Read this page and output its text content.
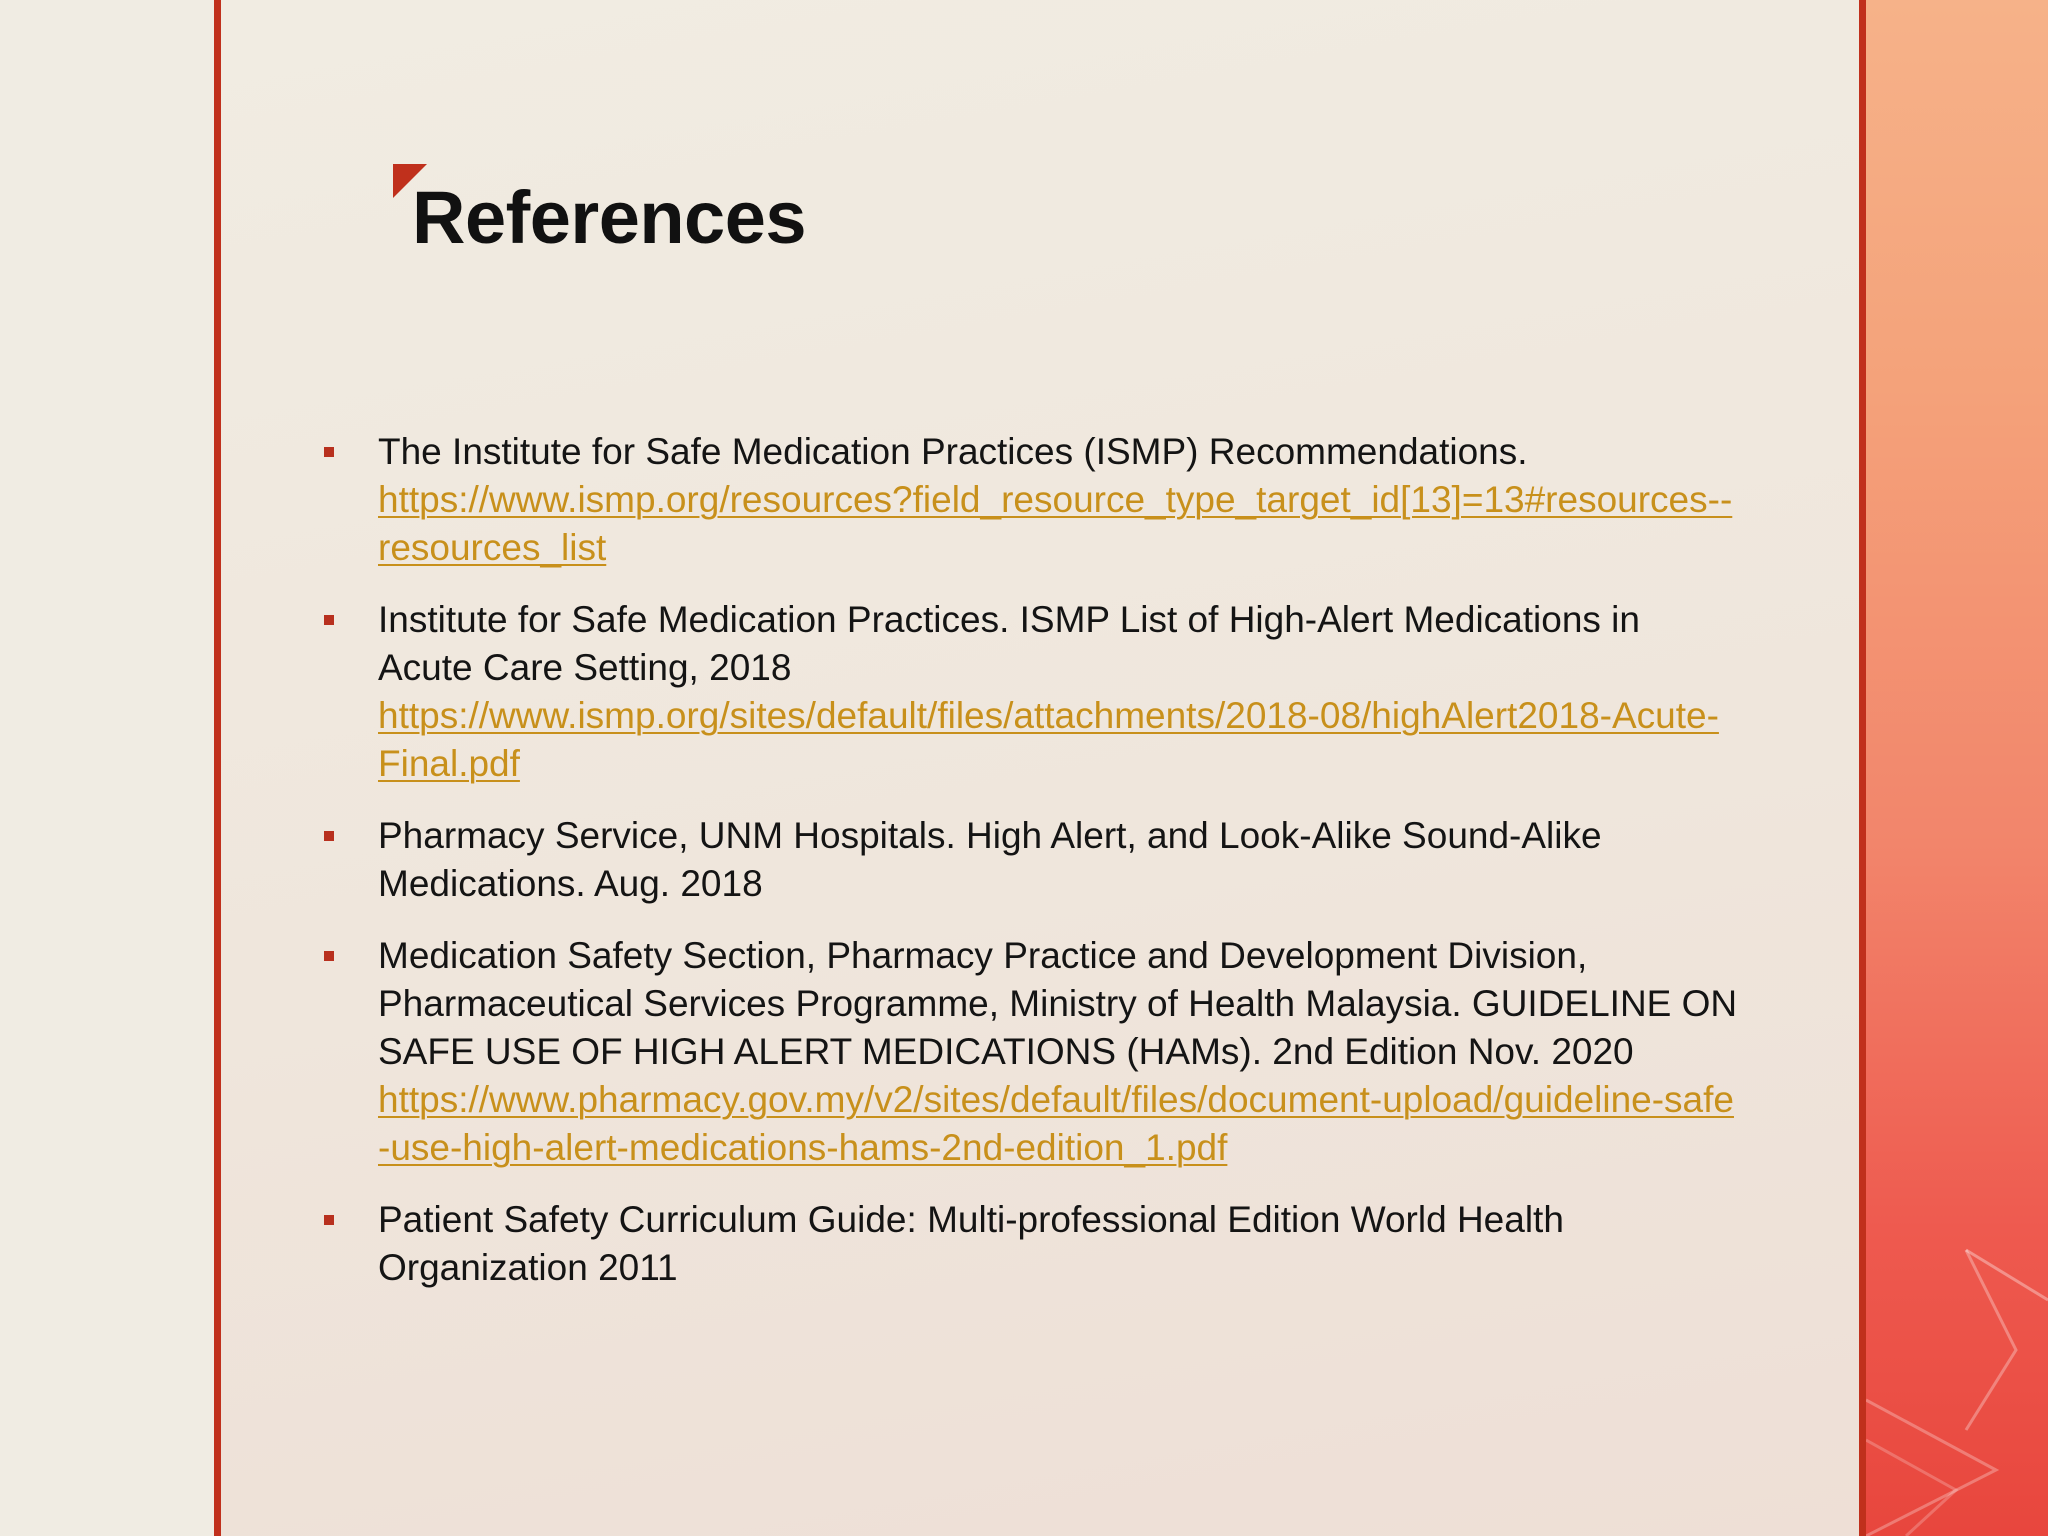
References
The Institute for Safe Medication Practices (ISMP) Recommendations.
https://www.ismp.org/resources?field_resource_type_target_id[13]=13#resources--resources_list
Institute for Safe Medication Practices. ISMP List of High-Alert Medications in Acute Care Setting, 2018
https://www.ismp.org/sites/default/files/attachments/2018-08/highAlert2018-Acute-Final.pdf
Pharmacy Service, UNM Hospitals. High Alert, and Look-Alike Sound-Alike Medications. Aug. 2018
Medication Safety Section, Pharmacy Practice and Development Division, Pharmaceutical Services Programme, Ministry of Health Malaysia. GUIDELINE ON SAFE USE OF HIGH ALERT MEDICATIONS (HAMs). 2nd Edition Nov. 2020
https://www.pharmacy.gov.my/v2/sites/default/files/document-upload/guideline-safe-use-high-alert-medications-hams-2nd-edition_1.pdf
Patient Safety Curriculum Guide: Multi-professional Edition World Health Organization 2011
